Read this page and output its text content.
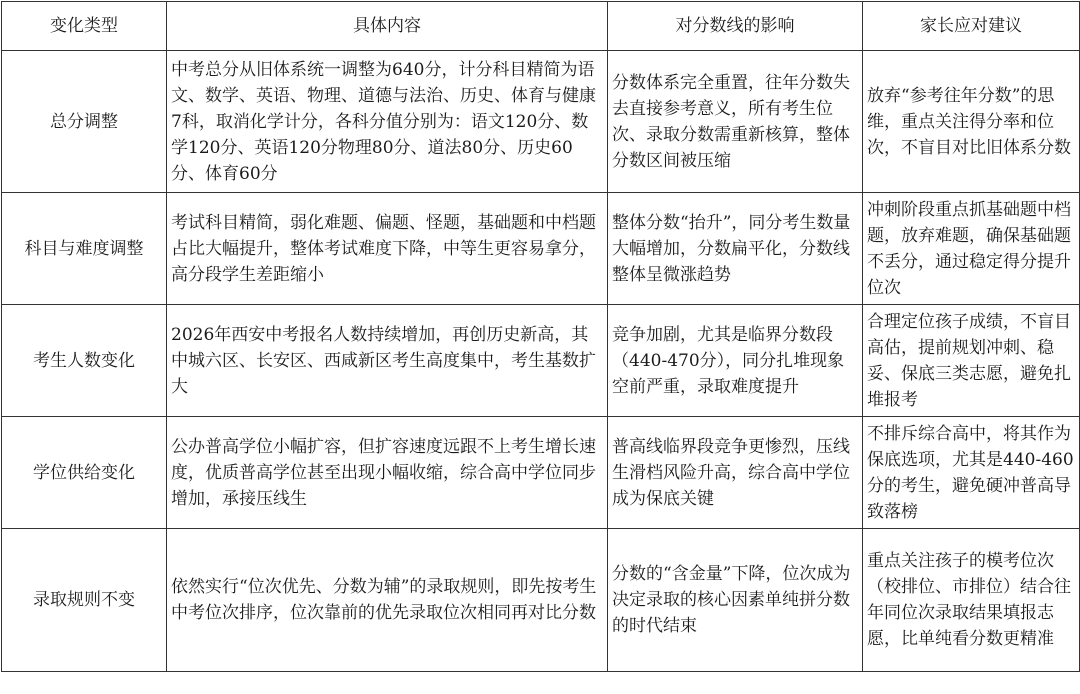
变化类型	具体内容	对分数线的影响	家长应对建议
总分调整	中考总分从旧体系统一调整为640分，计分科目精简为语文、数学、英语、物理、道德与法治、历史、体育与健康7科，取消化学计分，各科分值分别为：语文120分、数学120分、英语120分物理80分、道法80分、历史60分、体育60分	分数体系完全重置，往年分数失去直接参考意义，所有考生位次、录取分数需重新核算，整体分数区间被压缩	放弃“参考往年分数”的思维，重点关注得分率和位次，不盲目对比旧体系分数
科目与难度调整	考试科目精简，弱化难题、偏题、怪题，基础题和中档题占比大幅提升，整体考试难度下降，中等生更容易拿分，高分段学生差距缩小	整体分数“抬升”，同分考生数量大幅增加，分数扁平化，分数线整体呈微涨趋势	冲刺阶段重点抓基础题中档题，放弃难题，确保基础题不丢分，通过稳定得分提升位次
考生人数变化	2026年西安中考报名人数持续增加，再创历史新高，其中城六区、长安区、西咸新区考生高度集中，考生基数扩大	竞争加剧，尤其是临界分数段（440-470分），同分扎堆现象空前严重，录取难度提升	合理定位孩子成绩，不盲目高估，提前规划冲刺、稳妥、保底三类志愿，避免扎堆报考
学位供给变化	公办普高学位小幅扩容，但扩容速度远跟不上考生增长速度，优质普高学位甚至出现小幅收缩，综合高中学位同步增加，承接压线生	普高线临界段竞争更惨烈，压线生滑档风险升高，综合高中学位成为保底关键	不排斥综合高中，将其作为保底选项，尤其是440-460分的考生，避免硬冲普高导致落榜
录取规则不变	依然实行“位次优先、分数为辅”的录取规则，即先按考生中考位次排序，位次靠前的优先录取位次相同再对比分数	分数的“含金量”下降，位次成为决定录取的核心因素单纯拼分数的时代结束	重点关注孩子的模考位次（校排位、市排位）结合往年同位次录取结果填报志愿，比单纯看分数更精准
